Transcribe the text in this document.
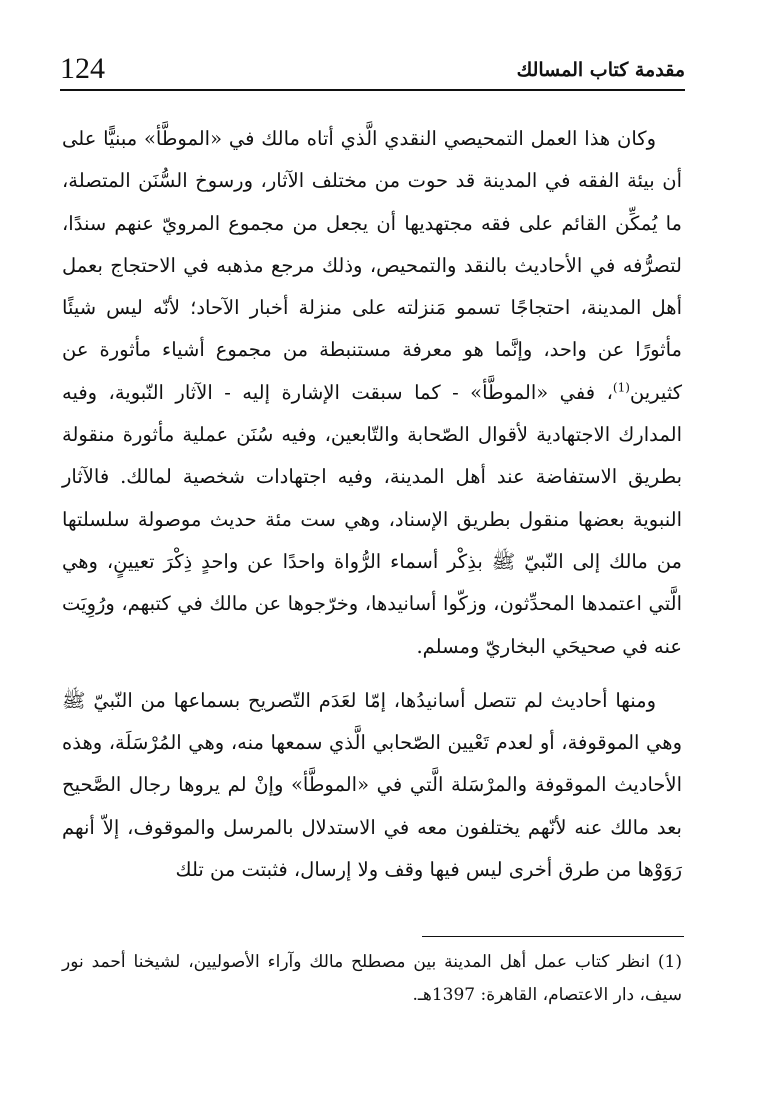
124	مقدمة كتاب المسالك

وكان هذا العمل التمحيصي النقدي الَّذي أتاه مالك في «الموطَّأ» مبنيًّا على أن بيئة الفقه في المدينة قد حوت من مختلف الآثار، ورسوخ السُّنَن المتصلة، ما يُمكِّن القائم على فقه مجتهديها أن يجعل من مجموع المرويّ عنهم سندًا، لتصرُّفه في الأحاديث بالنقد والتمحيص، وذلك مرجع مذهبه في الاحتجاج بعمل أهل المدينة، احتجاجًا تسمو مَنزلته على منزلة أخبار الآحاد؛ لأنّه ليس شيئًا مأثورًا عن واحد، وإنَّما هو معرفة مستنبطة من مجموع أشياء مأثورة عن كثيرين$^{(1)}$، ففي «الموطَّأ» - كما سبقت الإشارة إليه - الآثار النّبوية، وفيه المدارك الاجتهادية لأقوال الصّحابة والتّابعين، وفيه سُنَن عملية مأثورة منقولة بطريق الاستفاضة عند أهل المدينة، وفيه اجتهادات شخصية لمالك. فالآثار النبوية بعضها منقول بطريق الإسناد، وهي ست مئة حديث موصولة سلسلتها من مالك إلى النّبيّ ﷺ بذِكْر أسماء الرُّواة واحدًا عن واحدٍ ذِكْرَ تعيينٍ، وهي الَّتي اعتمدها المحدِّثون، وزكّوا أسانيدها، وخرّجوها عن مالك في كتبهم، ورُوِيَت عنه في صحيحَي البخاريّ ومسلم.

ومنها أحاديث لم تتصل أسانيدُها، إمّا لعَدَم التّصريح بسماعها من النّبيّ ﷺ وهي الموقوفة، أو لعدم تَعْيين الصّحابي الَّذي سمعها منه، وهي المُرْسَلَة، وهذه الأحاديث الموقوفة والمرْسَلة الَّتي في «الموطَّأ» وإنْ لم يروها رجال الصَّحيح بعد مالك عنه لأنّهم يختلفون معه في الاستدلال بالمرسل والموقوف، إلاّ أنهم رَوَوْها من طرق أخرى ليس فيها وقف ولا إرسال، فثبتت من تلك

(1) انظر كتاب عمل أهل المدينة بين مصطلح مالك وآراء الأصوليين، لشيخنا أحمد نور سيف، دار الاعتصام، القاهرة: 1397هـ.
